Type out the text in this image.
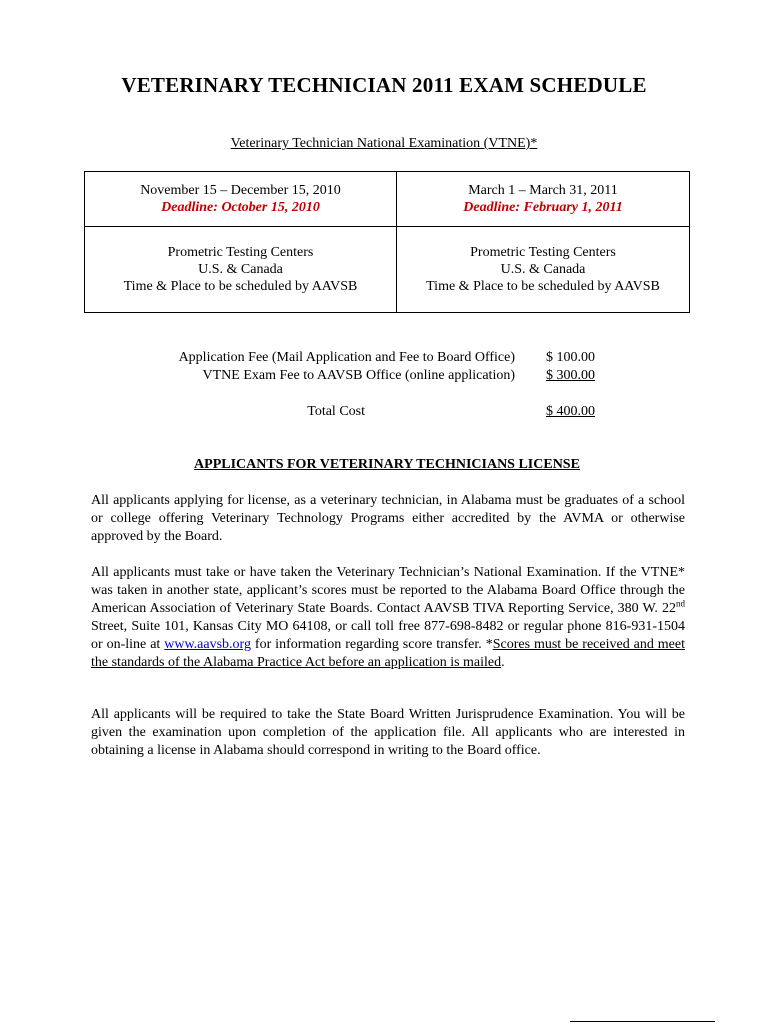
VETERINARY TECHNICIAN 2011 EXAM SCHEDULE
Veterinary Technician National Examination (VTNE)*
November 15 – December 15, 2010
Deadline: October 15, 2010
March 1 – March 31, 2011
Deadline: February 1, 2011
Prometric Testing Centers
U.S. & Canada
Time & Place to be scheduled by AAVSB
Prometric Testing Centers
U.S. & Canada
Time & Place to be scheduled by AAVSB
Application Fee (Mail Application and Fee to Board Office) $ 100.00
VTNE Exam Fee to AAVSB Office (online application) $ 300.00
Total Cost	$ 400.00
APPLICANTS FOR VETERINARY TECHNICIANS LICENSE

All applicants applying for license, as a veterinary technician, in Alabama must be graduates of a school or college offering Veterinary Technology Programs either accredited by the AVMA or otherwise approved by the Board.

All applicants must take or have taken the Veterinary Technician’s National Examination. If the VTNE* was taken in another state, applicant’s scores must be reported to the Alabama Board Office through the American Association of Veterinary State Boards. Contact AAVSB TIVA Reporting Service, 380 W. 22nd Street, Suite 101, Kansas City MO 64108, or call toll free 877-698-8482 or regular phone 816-931-1504 or on-line at www.aavsb.org for information regarding score transfer. *Scores must be received and meet the standards of the Alabama Practice Act before an application is mailed.

All applicants will be required to take the State Board Written Jurisprudence Examination. You will be given the examination upon completion of the application file. All applicants who are interested in obtaining a license in Alabama should correspond in writing to the Board office.
